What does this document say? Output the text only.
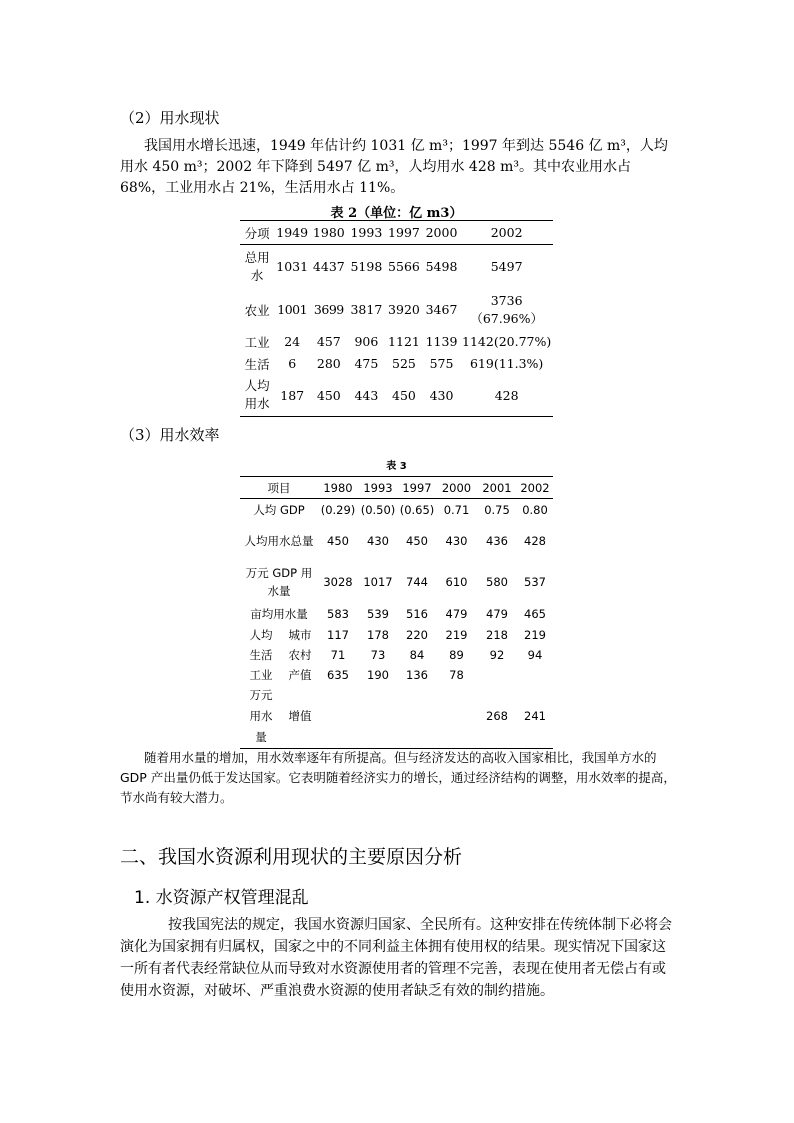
（2）用水现状
我国用水增长迅速，1949 年估计约 1031 亿 m³；1997 年到达 5546 亿 m³，人均用水 450 m³；2002 年下降到 5497 亿 m³，人均用水 428 m³。其中农业用水占 68%，工业用水占 21%，生活用水占 11%。
表 2（单位：亿 m3）
分项	1949	1980	1993	1997	2000	2002
总用水	1031	4437	5198	5566	5498	5497
农业	1001	3699	3817	3920	3467	3736（67.96%）
工业	24	457	906	1121	1139	1142(20.77%)
生活	6	280	475	525	575	619(11.3%)
人均用水	187	450	443	450	430	428
（3）用水效率
表 3
项目		1980	1993	1997	2000	2001	2002
人均 GDP		(0.29)	(0.50)	(0.65)	0.71	0.75	0.80
人均用水总量		450	430	450	430	436	428
万元 GDP 用水量		3028	1017	744	610	580	537
亩均用水量		583	539	516	479	479	465
人均	城市	117	178	220	219	218	219
生活	农村	71	73	84	89	92	94
工业	产值	635	190	136	78		
万元用水量	增值					268	241
随着用水量的增加，用水效率逐年有所提高。但与经济发达的高收入国家相比，我国单方水的 GDP 产出量仍低于发达国家。它表明随着经济实力的增长，通过经济结构的调整，用水效率的提高，节水尚有较大潜力。
二、我国水资源利用现状的主要原因分析
1. 水资源产权管理混乱
按我国宪法的规定，我国水资源归国家、全民所有。这种安排在传统体制下必将会演化为国家拥有归属权，国家之中的不同利益主体拥有使用权的结果。现实情况下国家这一所有者代表经常缺位从而导致对水资源使用者的管理不完善，表现在使用者无偿占有或使用水资源，对破坏、严重浪费水资源的使用者缺乏有效的制约措施。
